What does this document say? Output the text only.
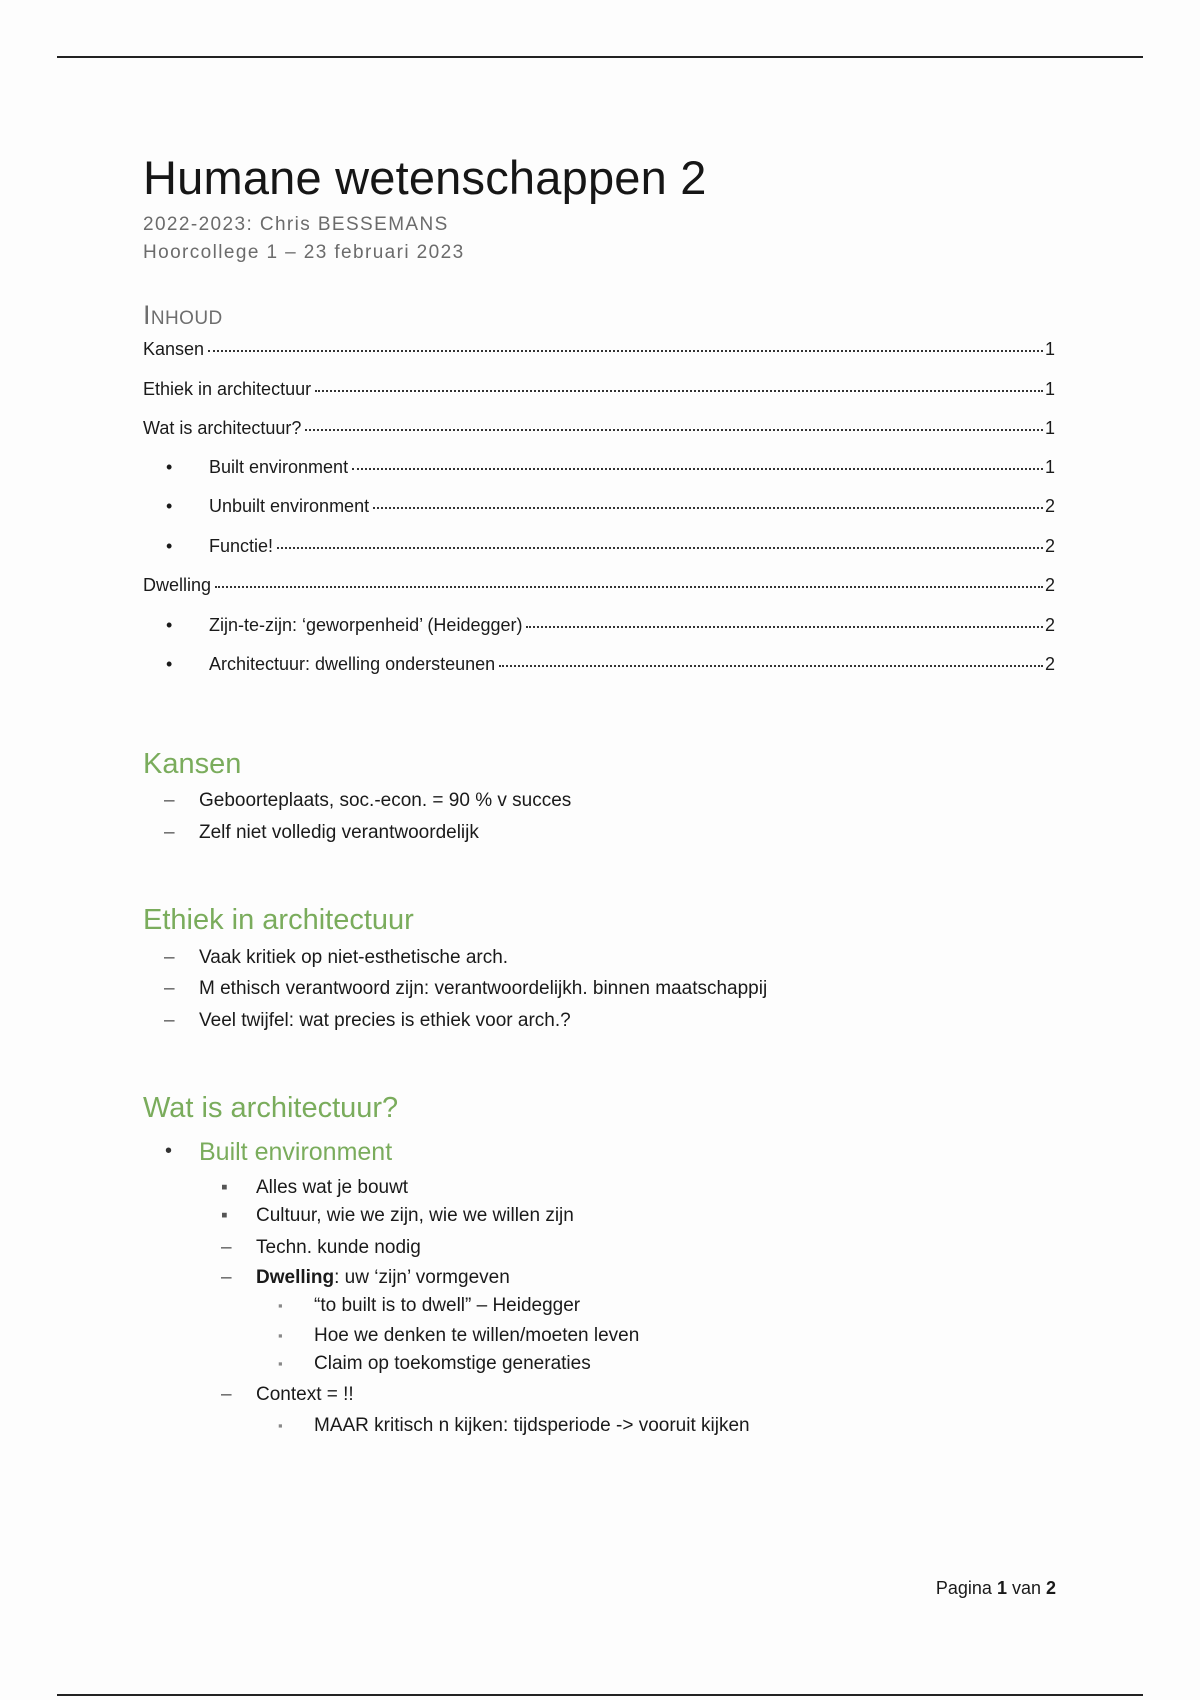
Humane wetenschappen 2
2022-2023: Chris BESSEMANS
Hoorcollege 1 – 23 februari 2023
Inhoud
Kansen	1
Ethiek in architectuur	1
Wat is architectuur?	1
• Built environment	1
• Unbuilt environment	2
• Functie!	2
Dwelling	2
• Zijn-te-zijn: ‘geworpenheid’ (Heidegger)	2
• Architectuur: dwelling ondersteunen	2
Kansen
– Geboorteplaats, soc.-econ. = 90 % v succes
– Zelf niet volledig verantwoordelijk
Ethiek in architectuur
– Vaak kritiek op niet-esthetische arch.
– M ethisch verantwoord zijn: verantwoordelijkh. binnen maatschappij
– Veel twijfel: wat precies is ethiek voor arch.?
Wat is architectuur?
• Built environment
▪ Alles wat je bouwt
▪ Cultuur, wie we zijn, wie we willen zijn
– Techn. kunde nodig
– Dwelling: uw ‘zijn’ vormgeven
▪ “to built is to dwell” – Heidegger
▪ Hoe we denken te willen/moeten leven
▪ Claim op toekomstige generaties
– Context = !!
▪ MAAR kritisch n kijken: tijdsperiode -> vooruit kijken
Pagina 1 van 2
